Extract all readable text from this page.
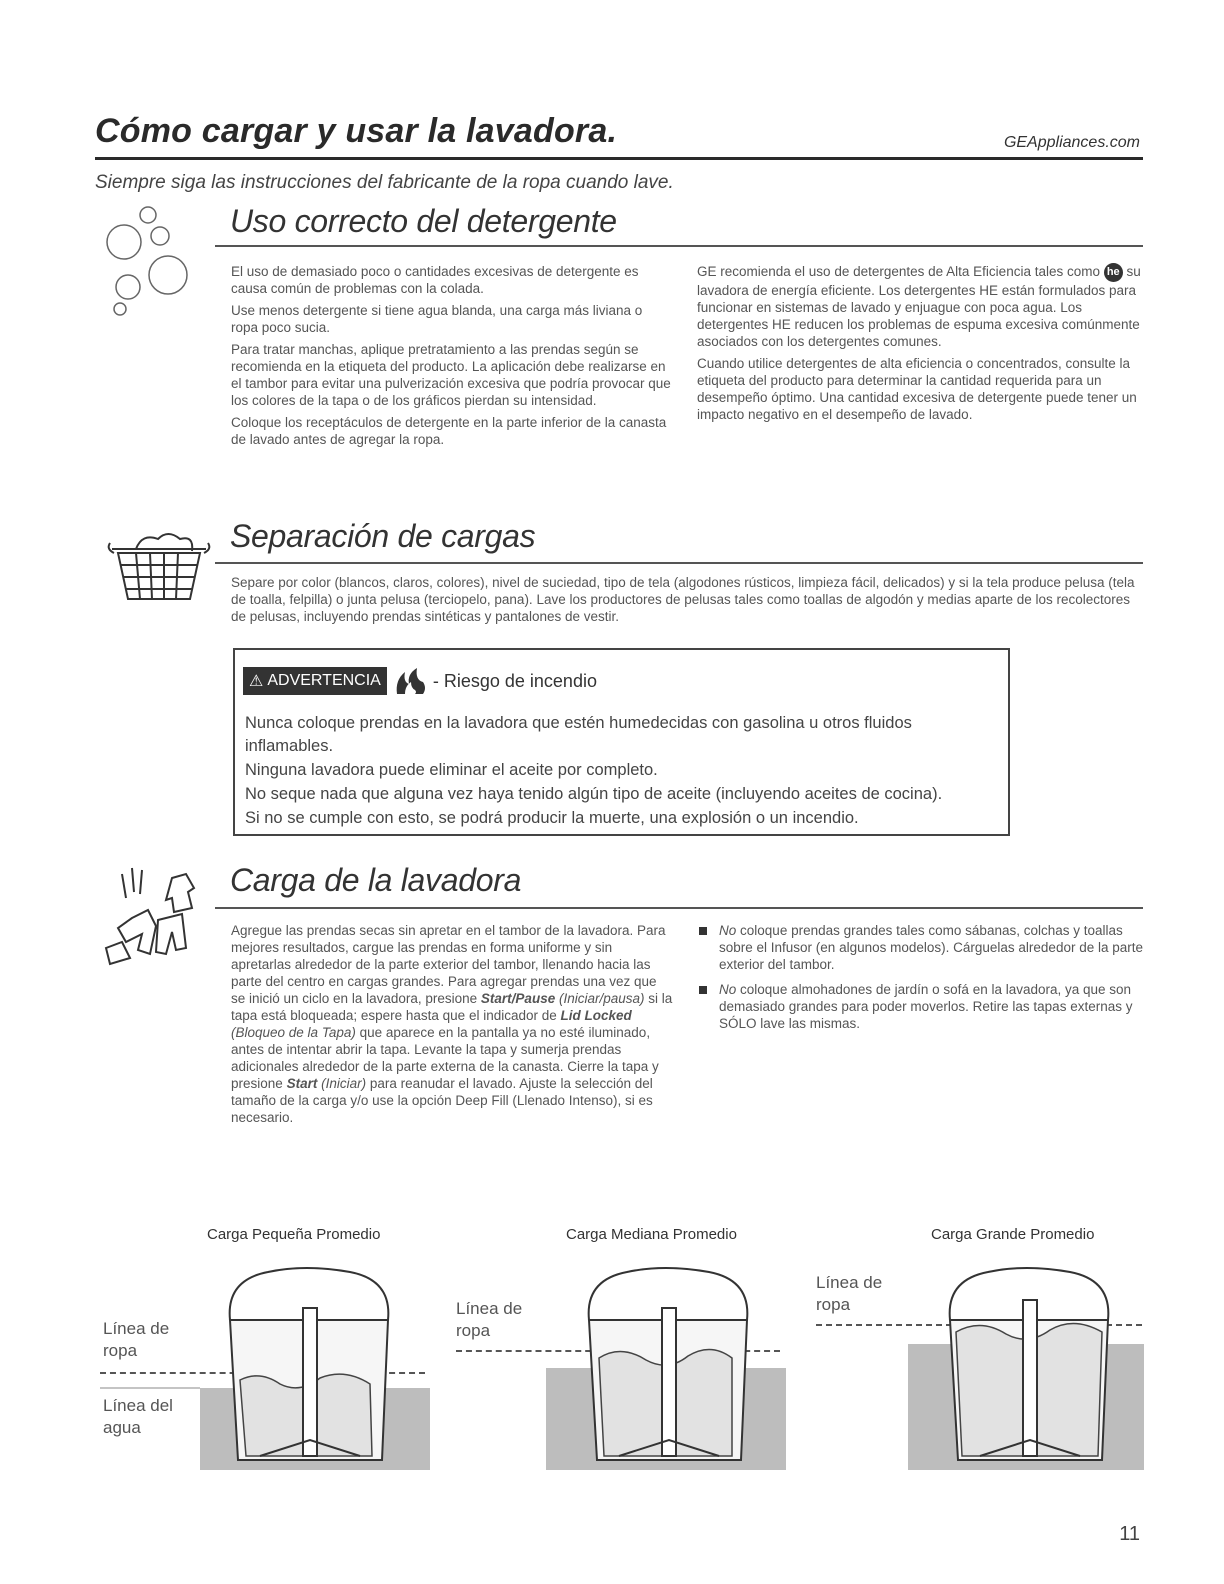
Cómo cargar y usar la lavadora.	GEAppliances.com
Siempre siga las instrucciones del fabricante de la ropa cuando lave.
Uso correcto del detergente

El uso de demasiado poco o cantidades excesivas de detergente es causa común de problemas con la colada.

Use menos detergente si tiene agua blanda, una carga más liviana o ropa poco sucia.

Para tratar manchas, aplique pretratamiento a las prendas según se recomienda en la etiqueta del producto. La aplicación debe realizarse en el tambor para evitar una pulverización excesiva que podría provocar que los colores de la tapa o de los gráficos pierdan su intensidad.

Coloque los receptáculos de detergente en la parte inferior de la canasta de lavado antes de agregar la ropa.

GE recomienda el uso de detergentes de Alta Eficiencia tales como he su lavadora de energía eficiente. Los detergentes HE están formulados para funcionar en sistemas de lavado y enjuague con poca agua. Los detergentes HE reducen los problemas de espuma excesiva comúnmente asociados con los detergentes comunes.

Cuando utilice detergentes de alta eficiencia o concentrados, consulte la etiqueta del producto para determinar la cantidad requerida para un desempeño óptimo. Una cantidad excesiva de detergente puede tener un impacto negativo en el desempeño de lavado.

Separación de cargas
Separe por color (blancos, claros, colores), nivel de suciedad, tipo de tela (algodones rústicos, limpieza fácil, delicados) y si la tela produce pelusa (tela de toalla, felpilla) o junta pelusa (terciopelo, pana). Lave los productores de pelusas tales como toallas de algodón y medias aparte de los recolectores de pelusas, incluyendo prendas sintéticas y pantalones de vestir.
⚠ ADVERTENCIA	- Riesgo de incendio

Nunca coloque prendas en la lavadora que estén humedecidas con gasolina u otros fluidos inflamables.

Ninguna lavadora puede eliminar el aceite por completo.

No seque nada que alguna vez haya tenido algún tipo de aceite (incluyendo aceites de cocina).

Si no se cumple con esto, se podrá producir la muerte, una explosión o un incendio.

Carga de la lavadora

Agregue las prendas secas sin apretar en el tambor de la lavadora. Para mejores resultados, cargue las prendas en forma uniforme y sin apretarlas alrededor de la parte exterior del tambor, llenando hacia las parte del centro en cargas grandes. Para agregar prendas una vez que se inició un ciclo en la lavadora, presione Start/Pause (Iniciar/pausa) si la tapa está bloqueada; espere hasta que el indicador de Lid Locked (Bloqueo de la Tapa) que aparece en la pantalla ya no esté iluminado, antes de intentar abrir la tapa. Levante la tapa y sumerja prendas adicionales alrededor de la parte externa de la canasta. Cierre la tapa y presione Start (Iniciar) para reanudar el lavado. Ajuste la selección del tamaño de la carga y/o use la opción Deep Fill (Llenado Intenso), si es necesario.

No coloque prendas grandes tales como sábanas, colchas y toallas sobre el Infusor (en algunos modelos). Cárguelas alrededor de la parte exterior del tambor.
No coloque almohadones de jardín o sofá en la lavadora, ya que son demasiado grandes para poder moverlos. Retire las tapas externas y SÓLO lave las mismas.
Carga Pequeña Promedio
Línea de ropa
Línea del agua
Carga Mediana Promedio
Línea de ropa
Carga Grande Promedio
Línea de ropa
11
